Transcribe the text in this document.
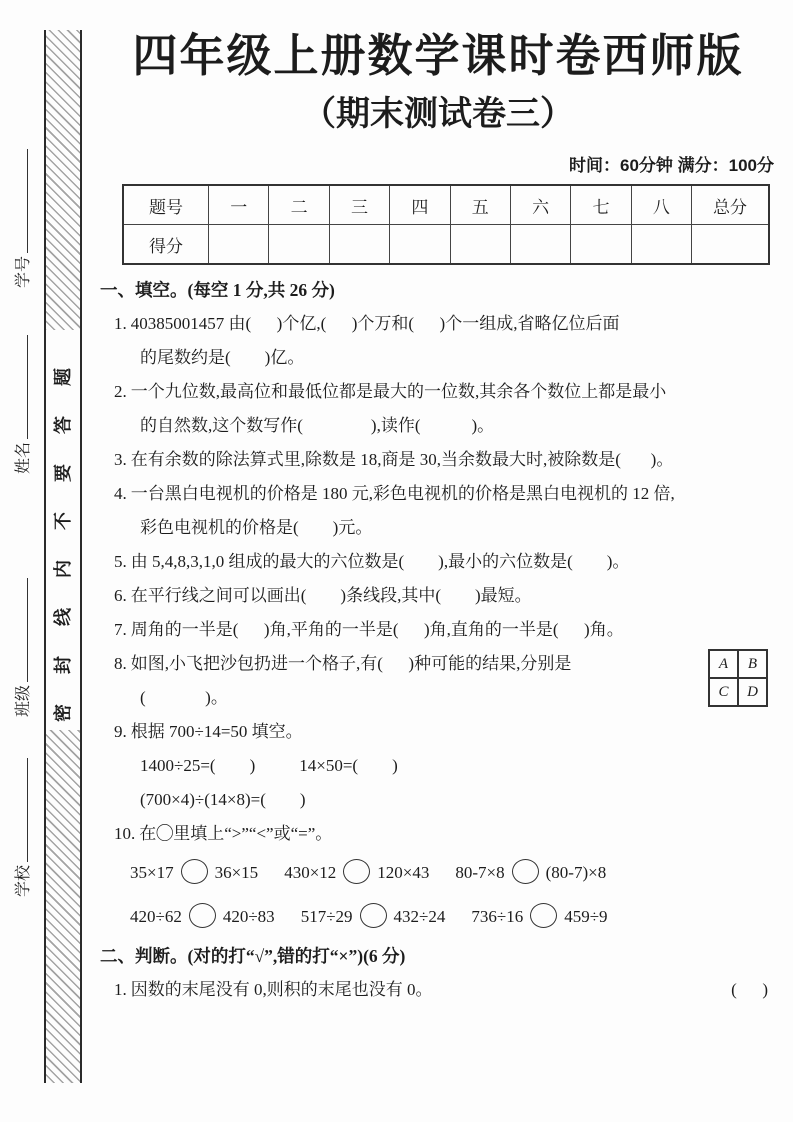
密封线内不要答题
学号
姓名
班级
学校
四年级上册数学课时卷西师版
（期末测试卷三）
时间：60分钟 满分：100分
题号	一	二	三	四	五	六	七	八	总分
得分									
一、填空。(每空 1 分,共 26 分)
1. 40385001457 由(      )个亿,(      )个万和(      )个一组成,省略亿位后面
的尾数约是(        )亿。
2. 一个九位数,最高位和最低位都是最大的一位数,其余各个数位上都是最小
的自然数,这个数写作(                ),读作(            )。
3. 在有余数的除法算式里,除数是 18,商是 30,当余数最大时,被除数是(       )。
4. 一台黑白电视机的价格是 180 元,彩色电视机的价格是黑白电视机的 12 倍,
彩色电视机的价格是(        )元。
5. 由 5,4,8,3,1,0 组成的最大的六位数是(        ),最小的六位数是(        )。
6. 在平行线之间可以画出(        )条线段,其中(        )最短。
7. 周角的一半是(      )角,平角的一半是(      )角,直角的一半是(      )角。
A	B
C	D
8. 如图,小飞把沙包扔进一个格子,有(      )种可能的结果,分别是
(              )。
9. 根据 700÷14=50 填空。
1400÷25=(        )	14×50=(        )
(700×4)÷(14×8)=(        )
10. 在◯里填上“>”“<”或“=”。
35×17 36×15 430×12 120×43 80-7×8 (80-7)×8
420÷62 420÷83 517÷29 432÷24 736÷16 459÷9
二、判断。(对的打“√”,错的打“×”)(6 分)
1. 因数的末尾没有 0,则积的末尾也没有 0。	(      )
